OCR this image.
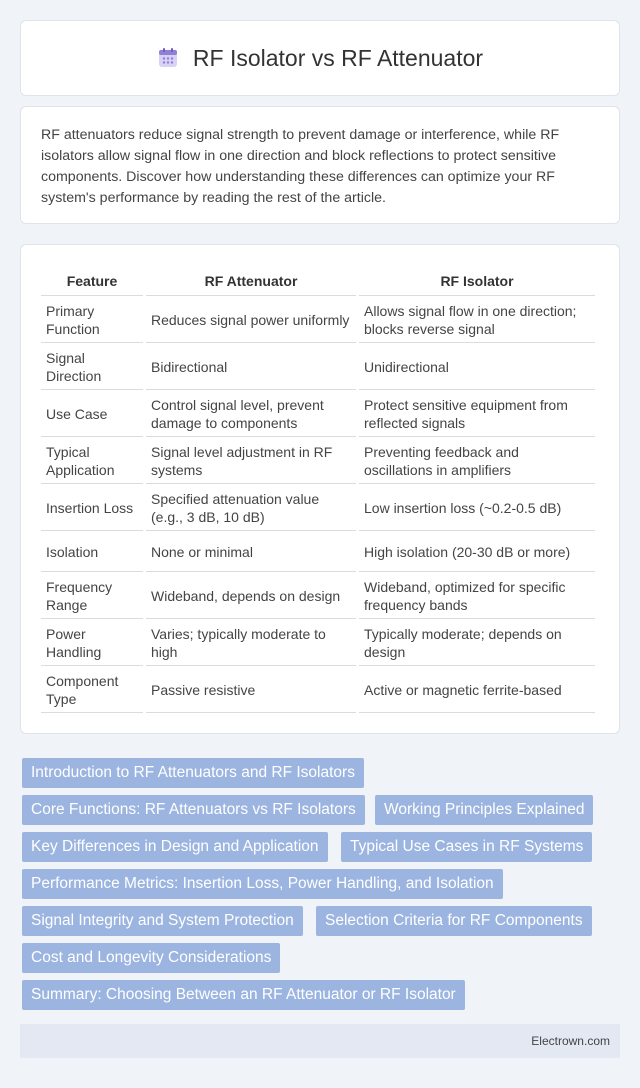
RF Isolator vs RF Attenuator

RF attenuators reduce signal strength to prevent damage or interference, while RF isolators allow signal flow in one direction and block reflections to protect sensitive components. Discover how understanding these differences can optimize your RF system's performance by reading the rest of the article.

Feature	RF Attenuator	RF Isolator
Primary Function	Reduces signal power uniformly	Allows signal flow in one direction; blocks reverse signal
Signal Direction	Bidirectional	Unidirectional
Use Case	Control signal level, prevent damage to components	Protect sensitive equipment from reflected signals
Typical Application	Signal level adjustment in RF systems	Preventing feedback and oscillations in amplifiers
Insertion Loss	Specified attenuation value (e.g., 3 dB, 10 dB)	Low insertion loss (~0.2-0.5 dB)
Isolation	None or minimal	High isolation (20-30 dB or more)
Frequency Range	Wideband, depends on design	Wideband, optimized for specific frequency bands
Power Handling	Varies; typically moderate to high	Typically moderate; depends on design
Component Type	Passive resistive	Active or magnetic ferrite-based
Introduction to RF Attenuators and RF Isolators
Core Functions: RF Attenuators vs RF Isolators	Working Principles Explained
Key Differences in Design and Application	Typical Use Cases in RF Systems
Performance Metrics: Insertion Loss, Power Handling, and Isolation
Signal Integrity and System Protection	Selection Criteria for RF Components
Cost and Longevity Considerations
Summary: Choosing Between an RF Attenuator or RF Isolator
Electrown.com
